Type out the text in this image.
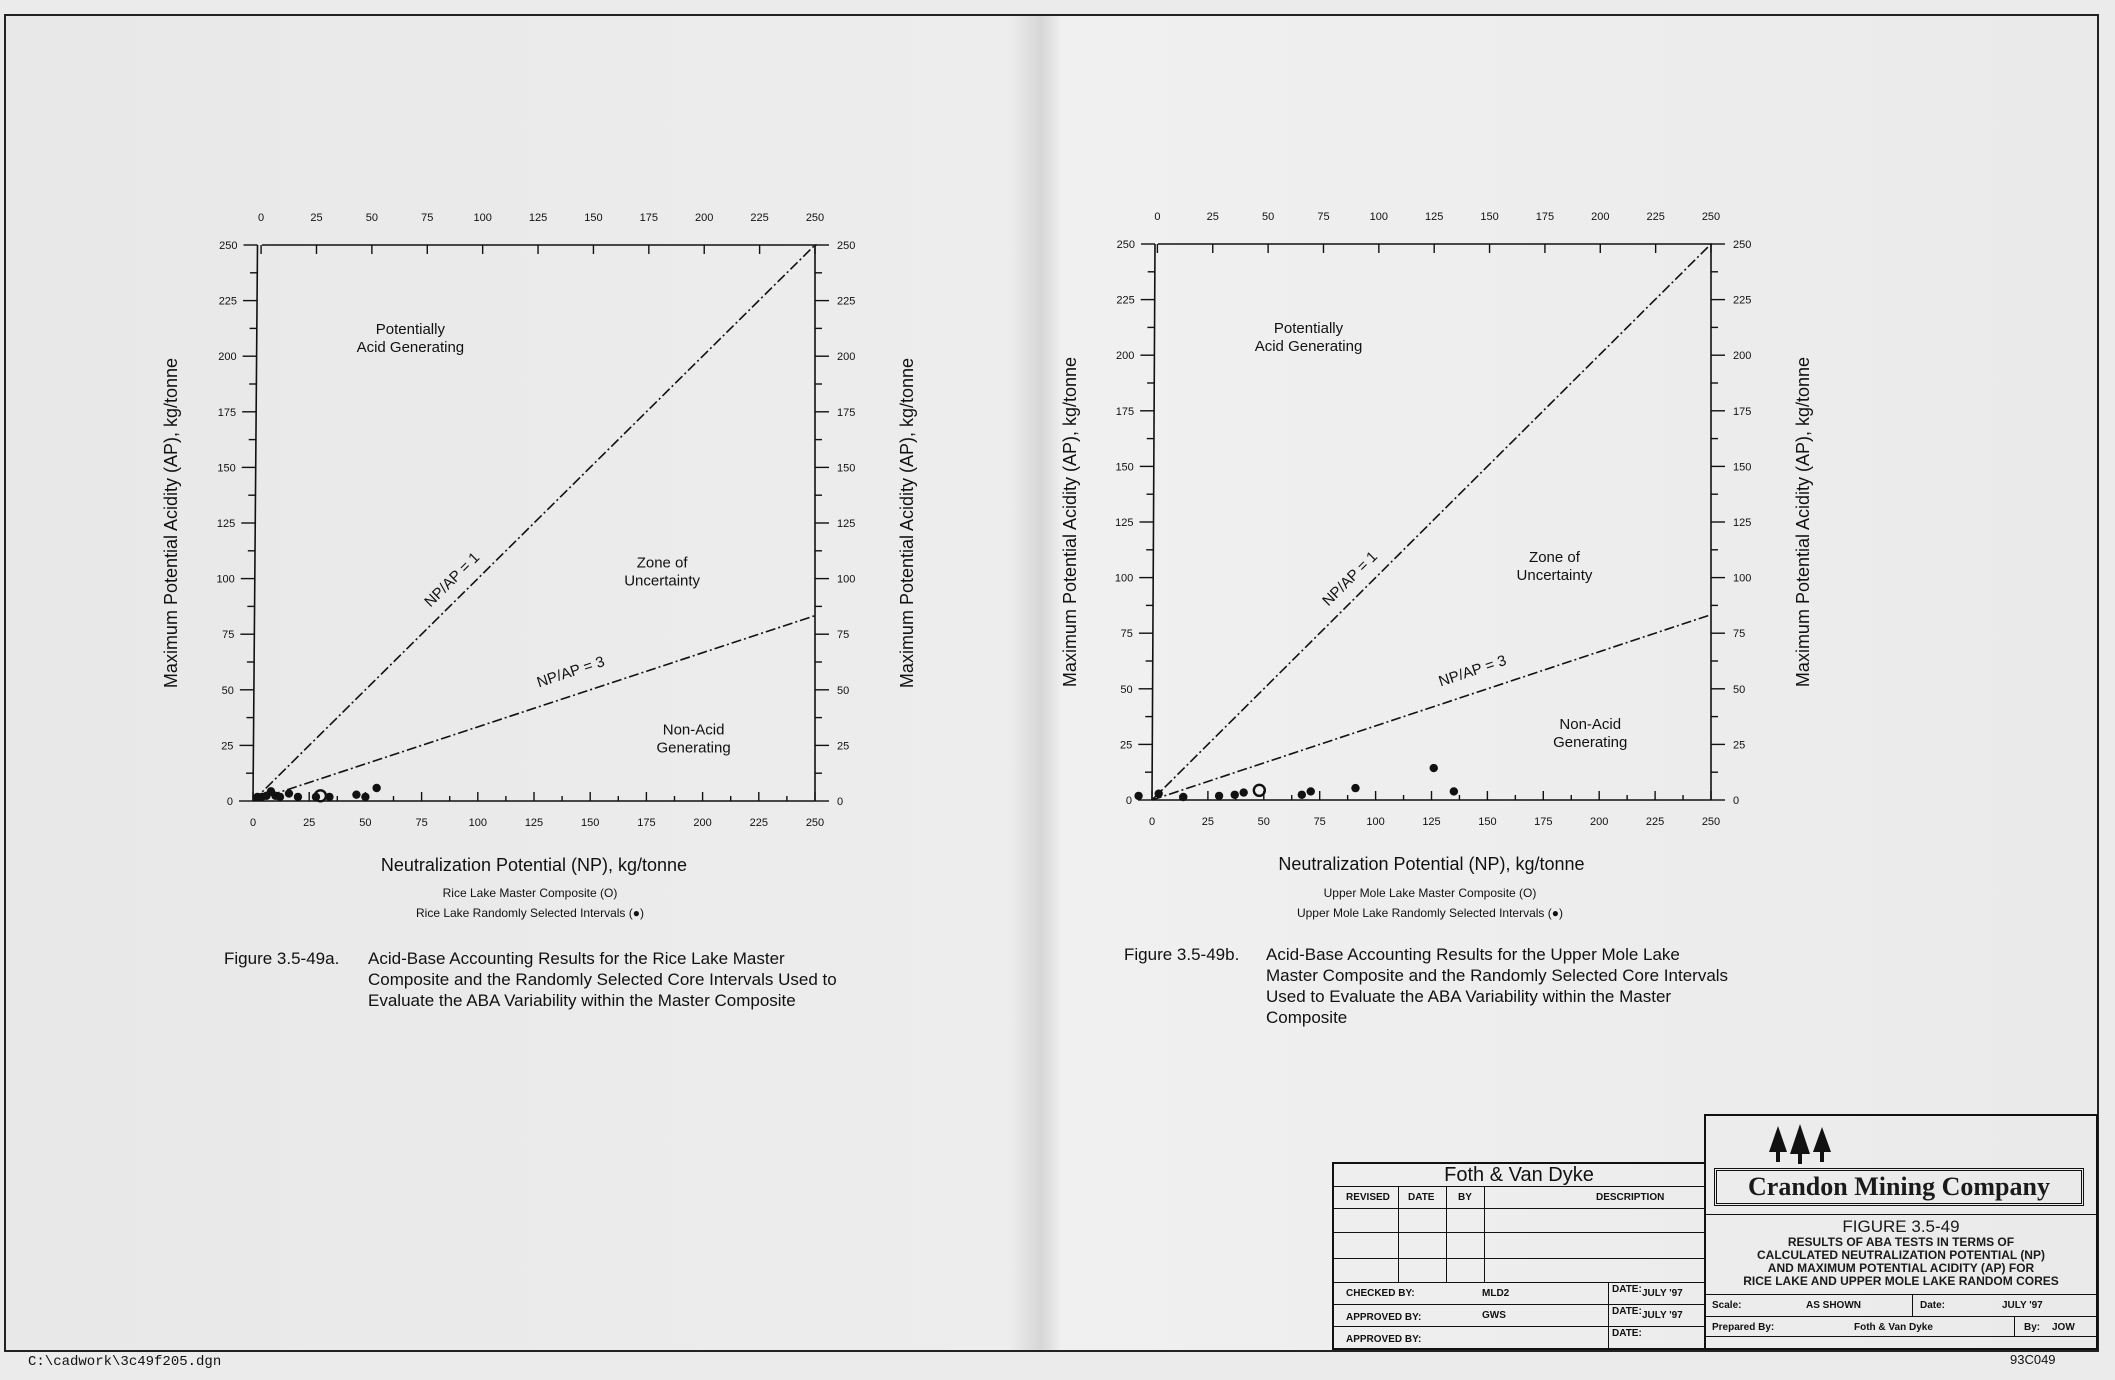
0
0
25
25
50
50
75
75
100
100
125
125
150
150
175
175
200
200
225
225
250
250
0	0
25	25
50	50
75	75
100	100
125	125
150	150
175	175
200	200
225	225
250	250
Neutralization Potential (NP), kg/tonne
Maximum Potential Acidity (AP), kg/tonne	Maximum Potential Acidity (AP), kg/tonne
NP/AP = 1
NP/AP = 3
Potentially
Acid Generating
Zone of
Uncertainty
Non-Acid
Generating
Rice Lake Master Composite (O)
Rice Lake Randomly Selected Intervals (●)
0
0
25
25
50
50
75
75
100
100
125
125
150
150
175
175
200
200
225
225
250
250
0	0
25	25
50	50
75	75
100	100
125	125
150	150
175	175
200	200
225	225
250	250
Neutralization Potential (NP), kg/tonne
Maximum Potential Acidity (AP), kg/tonne	Maximum Potential Acidity (AP), kg/tonne
NP/AP = 1
NP/AP = 3
Potentially
Acid Generating
Zone of
Uncertainty
Non-Acid
Generating
Upper Mole Lake Master Composite (O)
Upper Mole Lake Randomly Selected Intervals (●)
Figure 3.5-49a. Acid-Base Accounting Results for the Rice Lake Master Composite and the Randomly Selected Core Intervals Used to Evaluate the ABA Variability within the Master Composite
Figure 3.5-49b. Acid-Base Accounting Results for the Upper Mole Lake Master Composite and the Randomly Selected Core Intervals Used to Evaluate the ABA Variability within the Master Composite
C:\cadwork\3c49f205.dgn
Foth & Van Dyke
REVISED DATE BY	DESCRIPTION
CHECKED BY:	MLD2	DATE: JULY '97
APPROVED BY:	GWS	DATE: JULY '97
APPROVED BY:
DATE:
Crandon Mining Company
FIGURE 3.5-49
RESULTS OF ABA TESTS IN TERMS OF
CALCULATED NEUTRALIZATION POTENTIAL (NP)
AND MAXIMUM POTENTIAL ACIDITY (AP) FOR
RICE LAKE AND UPPER MOLE LAKE RANDOM CORES
Scale:	AS SHOWN	Date:	JULY '97
Prepared By:	Foth & Van Dyke	By: JOW
93C049
